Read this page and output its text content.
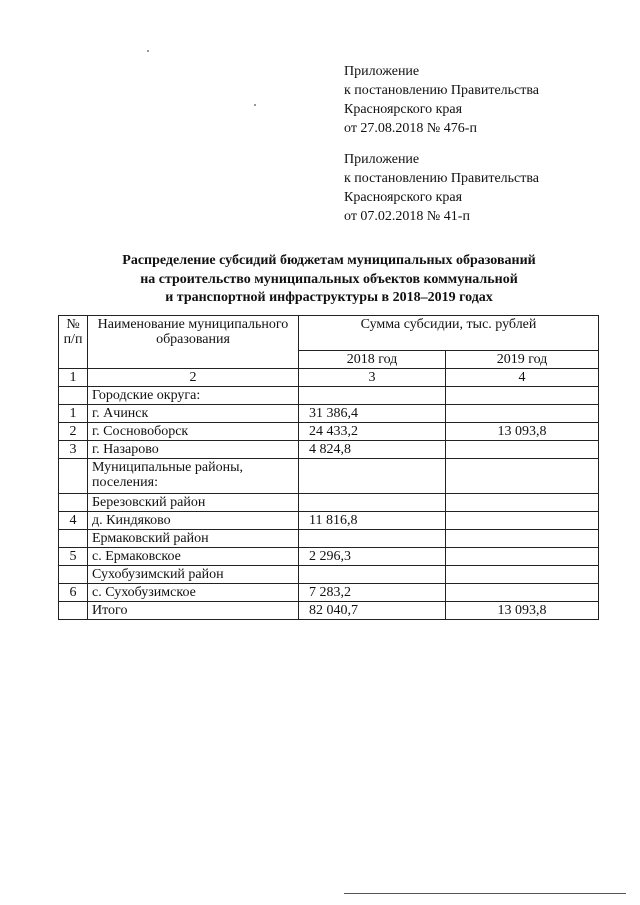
Приложение
к постановлению Правительства
Красноярского края
от 27.08.2018 № 476-п
Приложение
к постановлению Правительства
Красноярского края
от 07.02.2018 № 41-п
Распределение субсидий бюджетам муниципальных образований
на строительство муниципальных объектов коммунальной
и транспортной инфраструктуры в 2018–2019 годах
№ п/п	Наименование муниципального образования	Сумма субсидии, тыс. рублей	
		2018 год	2019 год
1	2	3	4
	Городские округа:		
1	г. Ачинск	31 386,4	
2	г. Сосновоборск	24 433,2	13 093,8
3	г. Назарово	4 824,8	
	Муниципальные районы, поселения:		
	Березовский район		
4	д. Киндяково	11 816,8	
	Ермаковский район		
5	с. Ермаковское	2 296,3	
	Сухобузимский район		
6	с. Сухобузимское	7 283,2	
	Итого	82 040,7	13 093,8
